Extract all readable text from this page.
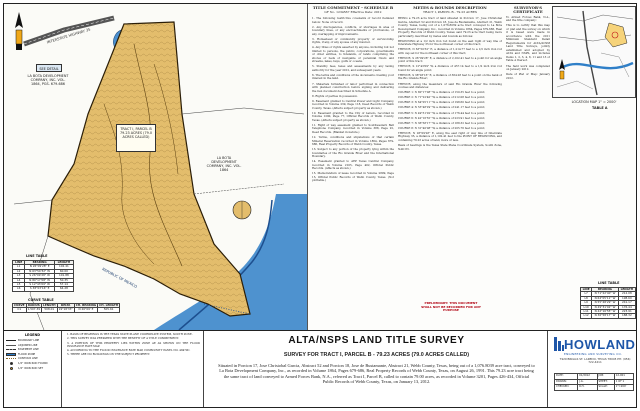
SEE DETAIL
LA BOTA DEVELOPMENT COMPANY, INC. VOL. 1864, PGS. 679-686
TRACT I, PARCEL B 79.23 ACRES (79.0 ACRES CALLED)
LA BOTA DEVELOPMENT COMPANY, INC. VOL. 1864
INTERSTATE HIGHWAY 35
REPUBLIC OF MEXICO
LINE TABLE
LINE	BEARING	LENGTH
L1	N 26°09'28" E	102.41
L2	N 63°50'32" W	60.00
L3	S 26°09'28" W	101.88
L4	N 80°17'08" W	50.35
L5	S 12°43'09" W	57.14
L6	S 38°03'16" E	64.28
CURVE TABLE
CURVE	RADIUS	LENGTH	DELTA	CH. BEARING	CH. LENGTH
C1	1,507.39	508.01	19°18'33"	N 26°09' E	505.61
TITLE COMMITMENT - SCHEDULE B
GF No. 1234567 Effective Date: 2012

1. The following restrictive covenants of record itemized below: None of record.

2. Any discrepancies, conflicts, or shortages in area or boundary lines, or any encroachments or protrusions, or any overlapping of improvements.

3. Homestead or community property or survivorship rights, if any, of any spouse of any insured.

4. Any titles or rights asserted by anyone, including but not limited to persons, the public, corporations, governments or other entities, to tidelands, or lands comprising the shores or beds of navigable or perennial rivers and streams, lakes, bays, gulfs or oceans.

5. Standby fees, taxes and assessments by any taxing authority for the year 2012, and subsequent years.

6. The terms and conditions of the documents creating your interest in the land.

7. Materials furnished or labor performed in connection with planned construction before signing and delivering the lien document described in Schedule A.

8. Rights of parties in possession.

9. Easement granted to Central Power and Light Company, recorded in Volume 239, Page 118, Deed Records of Webb County, Texas. (Affects subject property as shown.)

10. Easement granted to the City of Laredo, recorded in Volume 1290, Page 77, Official Records of Webb County, Texas. (Affects subject property as shown.)

11. Right of way easement granted to Southwestern Bell Telephone Company, recorded in Volume 388, Page 91, Deed Records. (Blanket in nature.)

12. Terms, conditions and stipulations of that certain Mineral Reservation recorded in Volume 1864, Pages 679-686, Real Property Records of Webb County, Texas.

13. Subject to any portion of the property lying within the boundaries of the Rio Grande River and the International Boundary.

14. Easement granted to AEP Texas Central Company, recorded in Volume 2105, Page 402, Official Public Records. (Affects as shown.)

15. Memorandum of lease recorded in Volume 2899, Page 15, Official Public Records of Webb County, Texas. (Not plottable.)

METES & BOUNDS DESCRIPTION
TRACT I, PARCEL B - 79.23 ACRES

BEING a 79.23 acre tract of land situated in Porcion 17, Jose Christobal Garcia, Abstract 52 and Porcion 18, Jose de Bustamante, Abstract 21, Webb County, Texas, being out of a 1,076.8039 acre tract conveyed to La Bota Development Company, Inc., recorded in Volume 1864, Pages 679-686, Real Property Records of Webb County, Texas; said 79.23 acre tract being more particularly described by metes and bounds as follows:

BEGINNING at a 1/2 inch iron rod found on the east right of way line of Interstate Highway 35 for the northwest corner of this tract;

THENCE, N 63°50'32" E, a distance of 1,214.77 feet to a 1/2 inch iron rod with cap set for the northeast corner of this tract;

THENCE, S 26°09'28" E, a distance of 2,102.41 feet to a point for an angle point of this tract;

THENCE, S 12°43'09" W, a distance of 457.14 feet to a 1/2 inch iron rod found for an angle point;

THENCE, S 38°03'16" E, a distance of 364.28 feet to a point on the bank of the Rio Grande River;

THENCE, along the meanders of said Rio Grande River the following courses and distances:

COURSE 1: N 80°17'08" W, a distance of 150.35 feet to a point;

COURSE 2: N 71°22'40" W, a distance of 212.08 feet to a point;

COURSE 3: N 64°05'11" W, a distance of 198.60 feet to a point;

COURSE 4: N 55°48'29" W, a distance of 241.17 feet to a point;

COURSE 5: N 49°31'02" W, a distance of 176.44 feet to a point;

COURSE 6: N 42°16'55" W, a distance of 223.91 feet to a point;

COURSE 7: N 36°58'17" W, a distance of 188.32 feet to a point;

COURSE 8: N 31°40'08" W, a distance of 205.76 feet to a point;

THENCE, N 26°09'28" E, along the east right of way line of Interstate Highway 35, a distance of 1,102.41 feet to the POINT OF BEGINNING, and containing 79.23 acres of land, more or less.

Basis of bearings is the Texas State Plane Coordinate System, South Zone, NAD 83.

PRELIMINARY: THIS DOCUMENT SHALL NOT BE RECORDED FOR ANY PURPOSE
SURVEYOR'S CERTIFICATE

To Armed Forces Bank, N.A., and the title company:

This is to certify that this map or plat and the survey on which it is based were made in accordance with the 2011 Minimum Standard Detail Requirements for ALTA/ACSM Land Title Surveys, jointly established and adopted by ALTA and NSPS, and includes Items 1, 2, 3, 4, 8, 11 and 13 of Table A thereof.

The field work was completed on January 2012.

Date of Plat or Map: January 2012.

LOCATION MAP 1" = 2000'
TABLE A
LINE TABLE
LINE	BEARING	LENGTH
L7	N 71°22'40" W	212.08
L8	N 64°05'11" W	198.60
L9	N 55°48'29" W	241.17
L10	N 49°31'02" W	176.44
L11	N 42°16'55" W	223.91
L12	N 36°58'17" W	188.32
LEGEND
BOUNDARY LINE
ADJOINER LINE
EASEMENT LINE
FLOOD ZONE
CONTOUR LINE
1/2" IRON ROD FOUND
1/2" IRON ROD SET

1. BASIS OF BEARINGS IS THE TEXAS STATE PLANE COORDINATE SYSTEM, SOUTH ZONE.

2. THIS SURVEY WAS PREPARED WITH THE BENEFIT OF A TITLE COMMITMENT.

3. A PORTION OF THIS PROPERTY LIES WITHIN ZONE AE AS SHOWN ON THE FLOOD INSURANCE RATE MAP.

4. ACCORDING TO THE FLOOD INSURANCE RATE MAP, COMMUNITY PANEL NO. 48479C.

5. THERE ARE NO BUILDINGS ON THE SUBJECT PROPERTY.

ALTA/NSPS LAND TITLE SURVEY
SURVEY FOR TRACT I, PARCEL B - 79.23 ACRES (79.0 ACRES CALLED)
Situated in Porcion 17, Jose Christobal Garcia, Abstract 52 and Porcion 18, Jose de Bustamante, Abstract 21, Webb County, Texas, being out of a 1,076.8039 acre tract, conveyed to La Bota Development Company, Inc., as recorded in Volume 1864, Pages 679-686, Real Property Records of Webb County, Texas, on August 26, 1991. This 79.23 acre tract being the same tract of land conveyed to Armed Forces Bank, N.A., referred as Tract I, Parcel B, called to contain 79.00 acres, as recorded in Volume 3201, Pages 426-434, Official Public Records of Webb County, Texas, on January 13, 2012.
HOWLAND
ENGINEERING AND SURVEYING CO.
7929 BRIGGS ST. LAREDO, TEXAS 78045 PH: (956) 722-4411
DATE:	01/2012	JOB:	12-001
DRAWN:	J.G.	SHEET:	1 OF 1
CHECKED:	R.H.	SCALE:	1"=200'
